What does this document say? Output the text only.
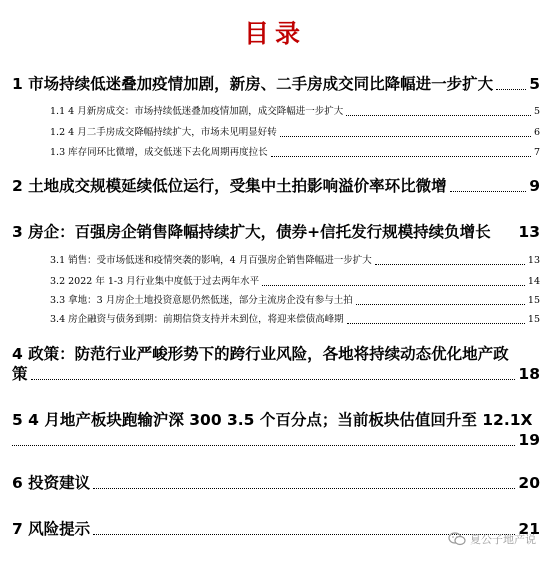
目录
1 市场持续低迷叠加疫情加剧，新房、二手房成交同比降幅进一步扩大 5
1.1 4 月新房成交：市场持续低迷叠加疫情加剧，成交降幅进一步扩大	5
1.2 4 月二手房成交降幅持续扩大，市场未见明显好转	6
1.3 库存同环比微增，成交低迷下去化周期再度拉长	7
2 土地成交规模延续低位运行，受集中土拍影响溢价率环比微增	9
3 房企：百强房企销售降幅持续扩大，债券+信托发行规模持续负增长 13
3.1 销售：受市场低迷和疫情突袭的影响，4 月百强房企销售降幅进一步扩大	13
3.2 2022 年 1-3 月行业集中度低于过去两年水平	14
3.3 拿地：3 月房企土地投资意愿仍然低迷，部分主流房企没有参与土拍	15
3.4 房企融资与债务到期：前期信贷支持并未到位，将迎来偿债高峰期	15
4 政策：防范行业严峻形势下的跨行业风险，各地将持续动态优化地产政
策	18
5 4 月地产板块跑输沪深 300 3.5 个百分点；当前板块估值回升至 12.1X
19
6 投资建议	20
7 风险提示	21
夏公子地产说
